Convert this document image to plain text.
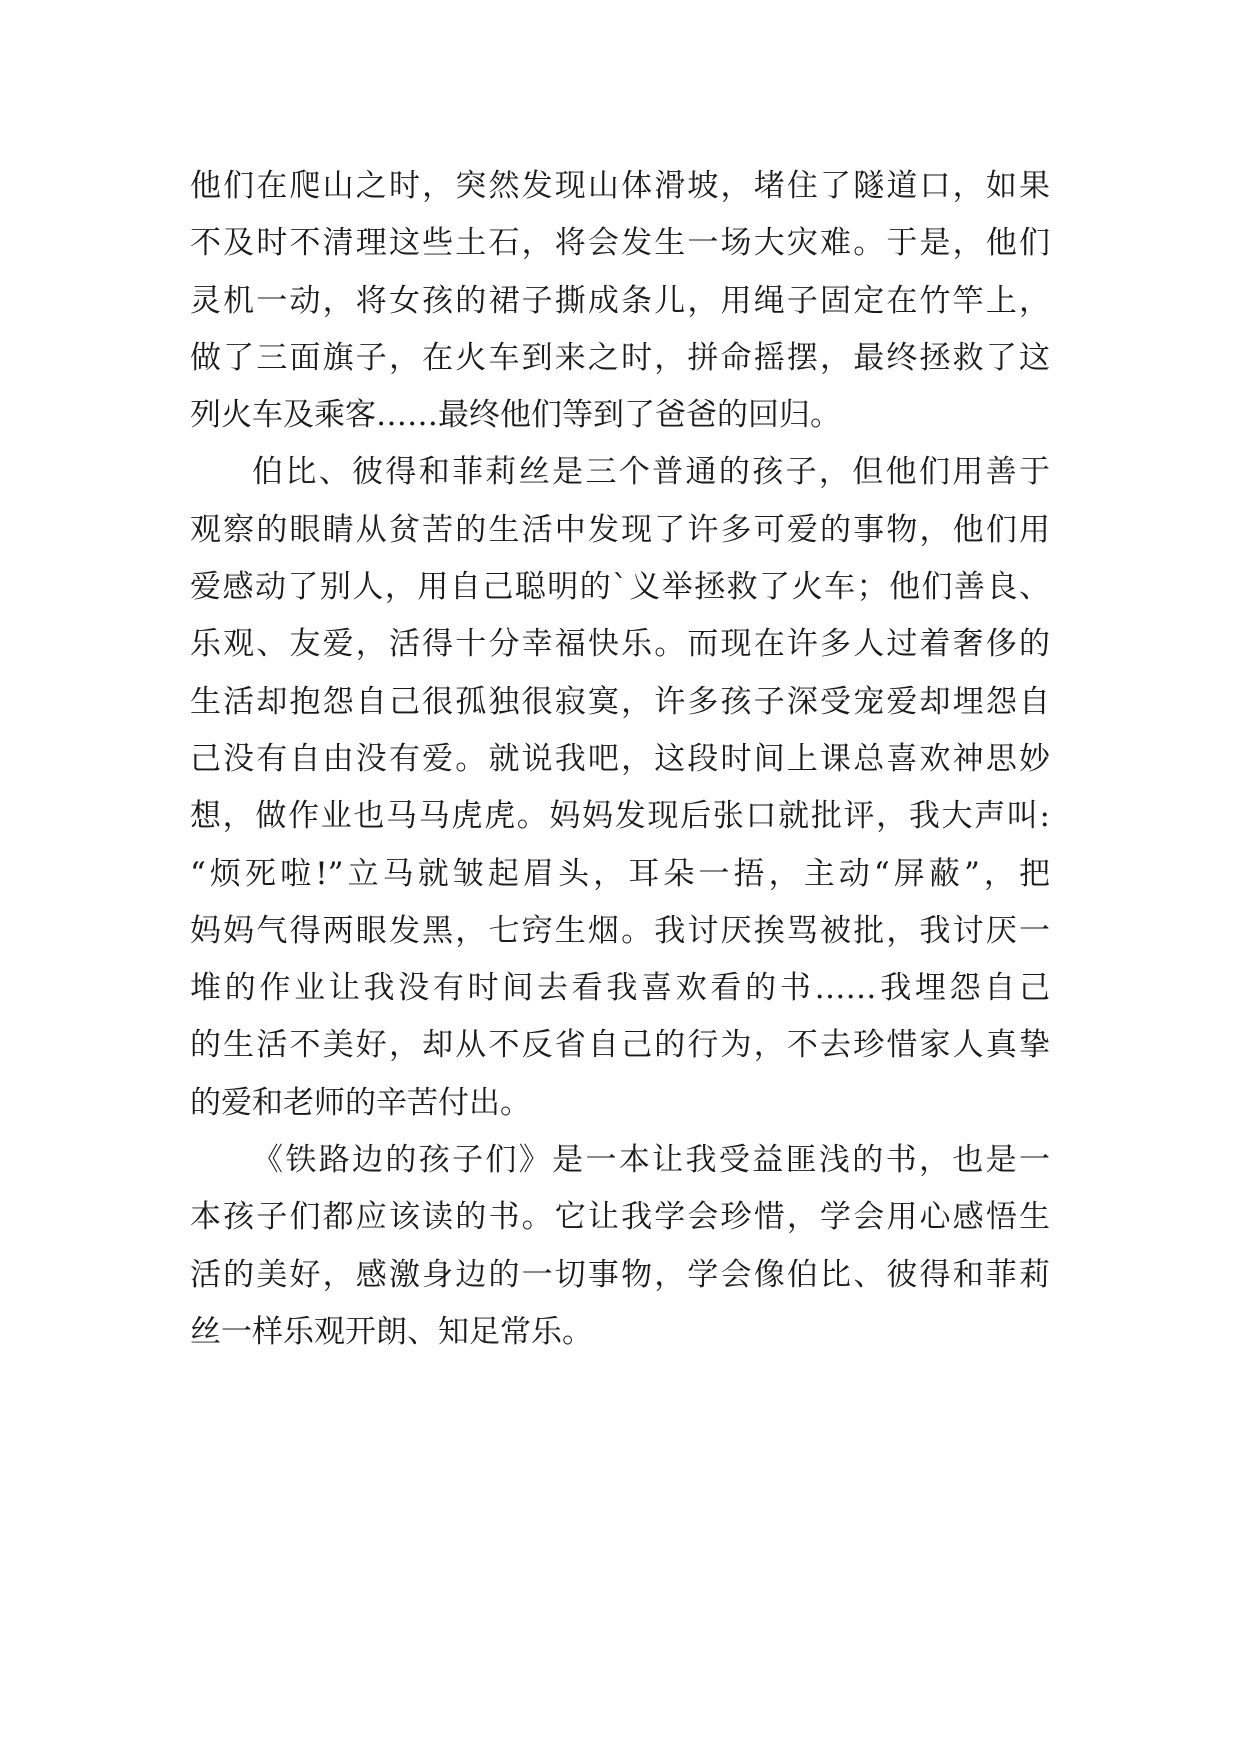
他们在爬山之时，突然发现山体滑坡，堵住了隧道口，如果
不及时不清理这些土石，将会发生一场大灾难。于是，他们
灵机一动，将女孩的裙子撕成条儿，用绳子固定在竹竿上，
做了三面旗子，在火车到来之时，拼命摇摆，最终拯救了这
列火车及乘客……最终他们等到了爸爸的回归。
伯比、彼得和菲莉丝是三个普通的孩子，但他们用善于
观察的眼睛从贫苦的生活中发现了许多可爱的事物，他们用
爱感动了别人，用自己聪明的`义举拯救了火车；他们善良、
乐观、友爱，活得十分幸福快乐。而现在许多人过着奢侈的
生活却抱怨自己很孤独很寂寞，许多孩子深受宠爱却埋怨自
己没有自由没有爱。就说我吧，这段时间上课总喜欢神思妙
想，做作业也马马虎虎。妈妈发现后张口就批评，我大声叫:
“烦死啦!”立马就皱起眉头，耳朵一捂，主动“屏蔽”，把
妈妈气得两眼发黑，七窍生烟。我讨厌挨骂被批，我讨厌一
堆的作业让我没有时间去看我喜欢看的书……我埋怨自己
的生活不美好，却从不反省自己的行为，不去珍惜家人真挚
的爱和老师的辛苦付出。
《铁路边的孩子们》是一本让我受益匪浅的书，也是一
本孩子们都应该读的书。它让我学会珍惜，学会用心感悟生
活的美好，感激身边的一切事物，学会像伯比、彼得和菲莉
丝一样乐观开朗、知足常乐。
